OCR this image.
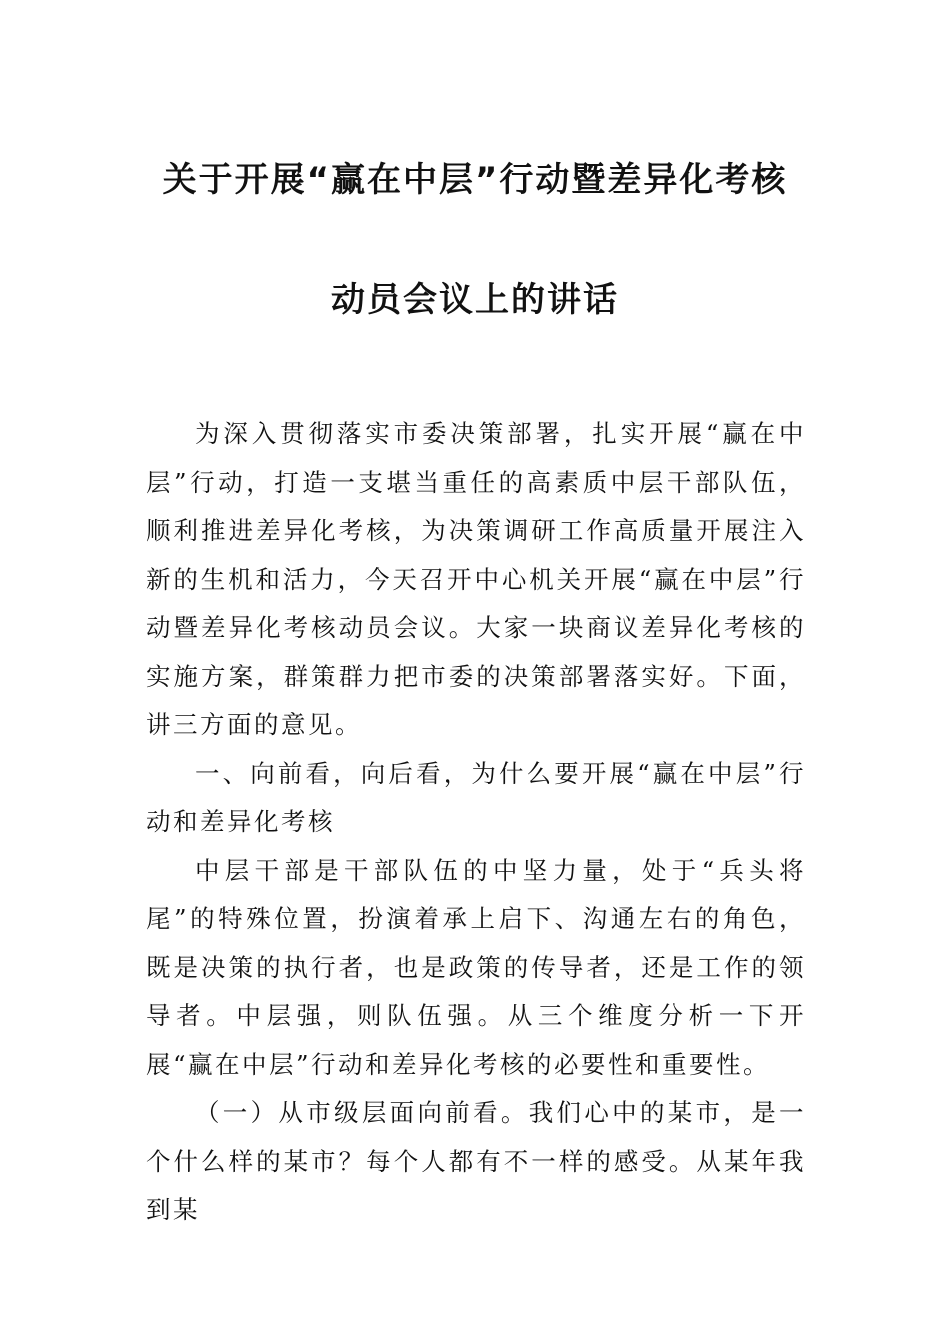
关于开展“赢在中层”行动暨差异化考核
动员会议上的讲话

为深入贯彻落实市委决策部署，扎实开展“赢在中层”行动，打造一支堪当重任的高素质中层干部队伍，顺利推进差异化考核，为决策调研工作高质量开展注入新的生机和活力，今天召开中心机关开展“赢在中层”行动暨差异化考核动员会议。大家一块商议差异化考核的实施方案，群策群力把市委的决策部署落实好。下面，讲三方面的意见。

一、向前看，向后看，为什么要开展“赢在中层”行动和差异化考核

中层干部是干部队伍的中坚力量，处于“兵头将尾”的特殊位置，扮演着承上启下、沟通左右的角色，既是决策的执行者，也是政策的传导者，还是工作的领导者。中层强，则队伍强。从三个维度分析一下开展“赢在中层”行动和差异化考核的必要性和重要性。

（一）从市级层面向前看。我们心中的某市，是一个什么样的某市？每个人都有不一样的感受。从某年我到某
